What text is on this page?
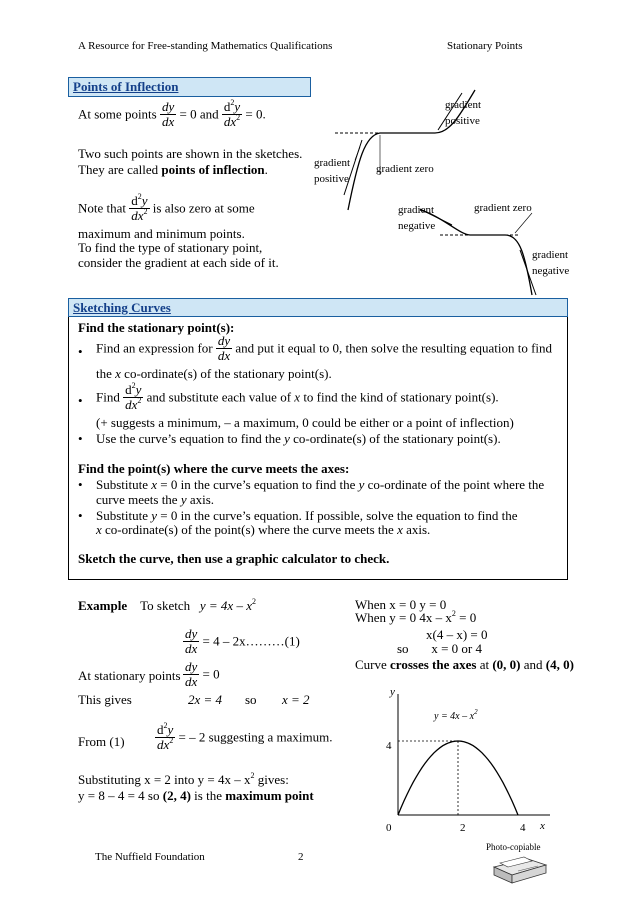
A Resource for Free-standing Mathematics Qualifications	Stationary Points
Points of Inflection
At some points $\frac{dy}{dx} = 0$ and $\frac{d^2y}{dx^2} = 0$.
Two such points are shown in the sketches.
They are called points of inflection.
Note that $\frac{d^2y}{dx^2}$ is also zero at some
maximum and minimum points.
To find the type of stationary point,
consider the gradient at each side of it.
gradient
positive
gradient
positive
gradient zero
gradient
negative
gradient zero
gradient
negative
Sketching Curves
Find the stationary point(s):
• Find an expression for $\frac{dy}{dx}$ and put it equal to 0, then solve the resulting equation to find
the x co-ordinate(s) of the stationary point(s).
• Find $\frac{d^2y}{dx^2}$ and substitute each value of x to find the kind of stationary point(s).
(+ suggests a minimum, – a maximum, 0 could be either or a point of inflection)
• Use the curve’s equation to find the y co-ordinate(s) of the stationary point(s).
Find the point(s) where the curve meets the axes:
• Substitute x = 0 in the curve’s equation to find the y co-ordinate of the point where the
curve meets the y axis.
• Substitute y = 0 in the curve’s equation. If possible, solve the equation to find the
x co-ordinate(s) of the point(s) where the curve meets the x axis.
Sketch the curve, then use a graphic calculator to check.
Example To sketch $y = 4x - x^2$
$\frac{dy}{dx} = 4$ – 2x………(1)
At stationary points $\frac{dy}{dx} = 0$
This gives	2x = 4 so x = 2
From $(1) \frac{d^2y}{dx^2}$ = – 2 suggesting a maximum.
Substituting x = 2 into $y = 4x - x^2$ gives:
y = 8 – 4 = 4 so (2, 4) is the maximum point
When x = 0 y = 0
When y = 0 $4x - x^2 = 0$
x(4 – x) = 0
so x = 0 or 4
Curve crosses the axes at (0, 0) and (4, 0)
y
x
$y = 4x - x^2$
4
0	2	4
The Nuffield Foundation	2
Photo-copiable
